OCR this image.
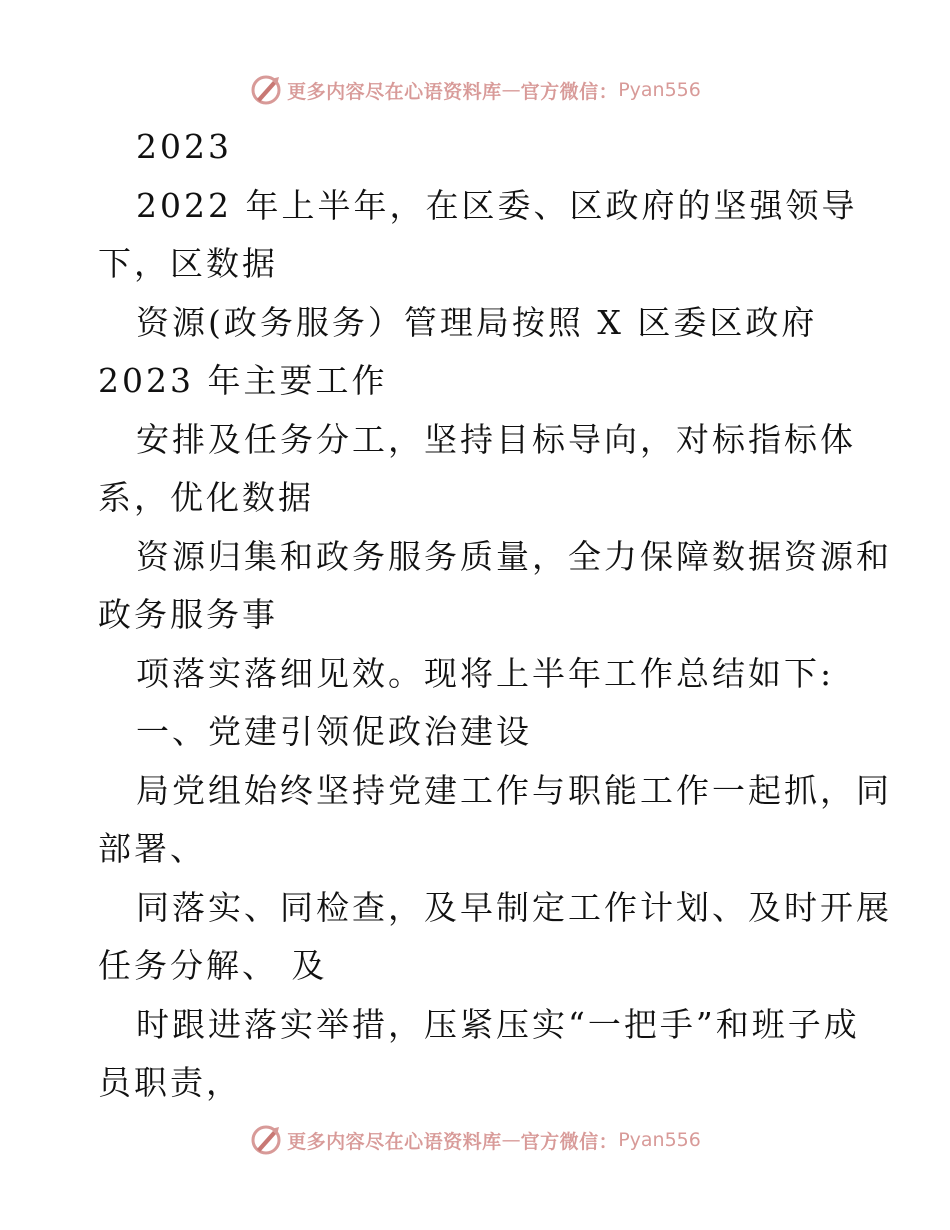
更多内容尽在心语资料库 — 官方微信： Pyan556
2023
2022 年上半年，在区委、区政府的坚强领导
下，区数据
资源(政务服务）管理局按照 X 区委区政府
2023 年主要工作
安排及任务分工，坚持目标导向，对标指标体
系，优化数据
资源归集和政务服务质量，全力保障数据资源和
政务服务事
项落实落细见效。现将上半年工作总结如下:
一、党建引领促政治建设
局党组始终坚持党建工作与职能工作一起抓，同
部署、
同落实、同检查，及早制定工作计划、及时开展
任务分解、 及
时跟进落实举措，压紧压实“一把手”和班子成
员职责，
更多内容尽在心语资料库 — 官方微信： Pyan556
